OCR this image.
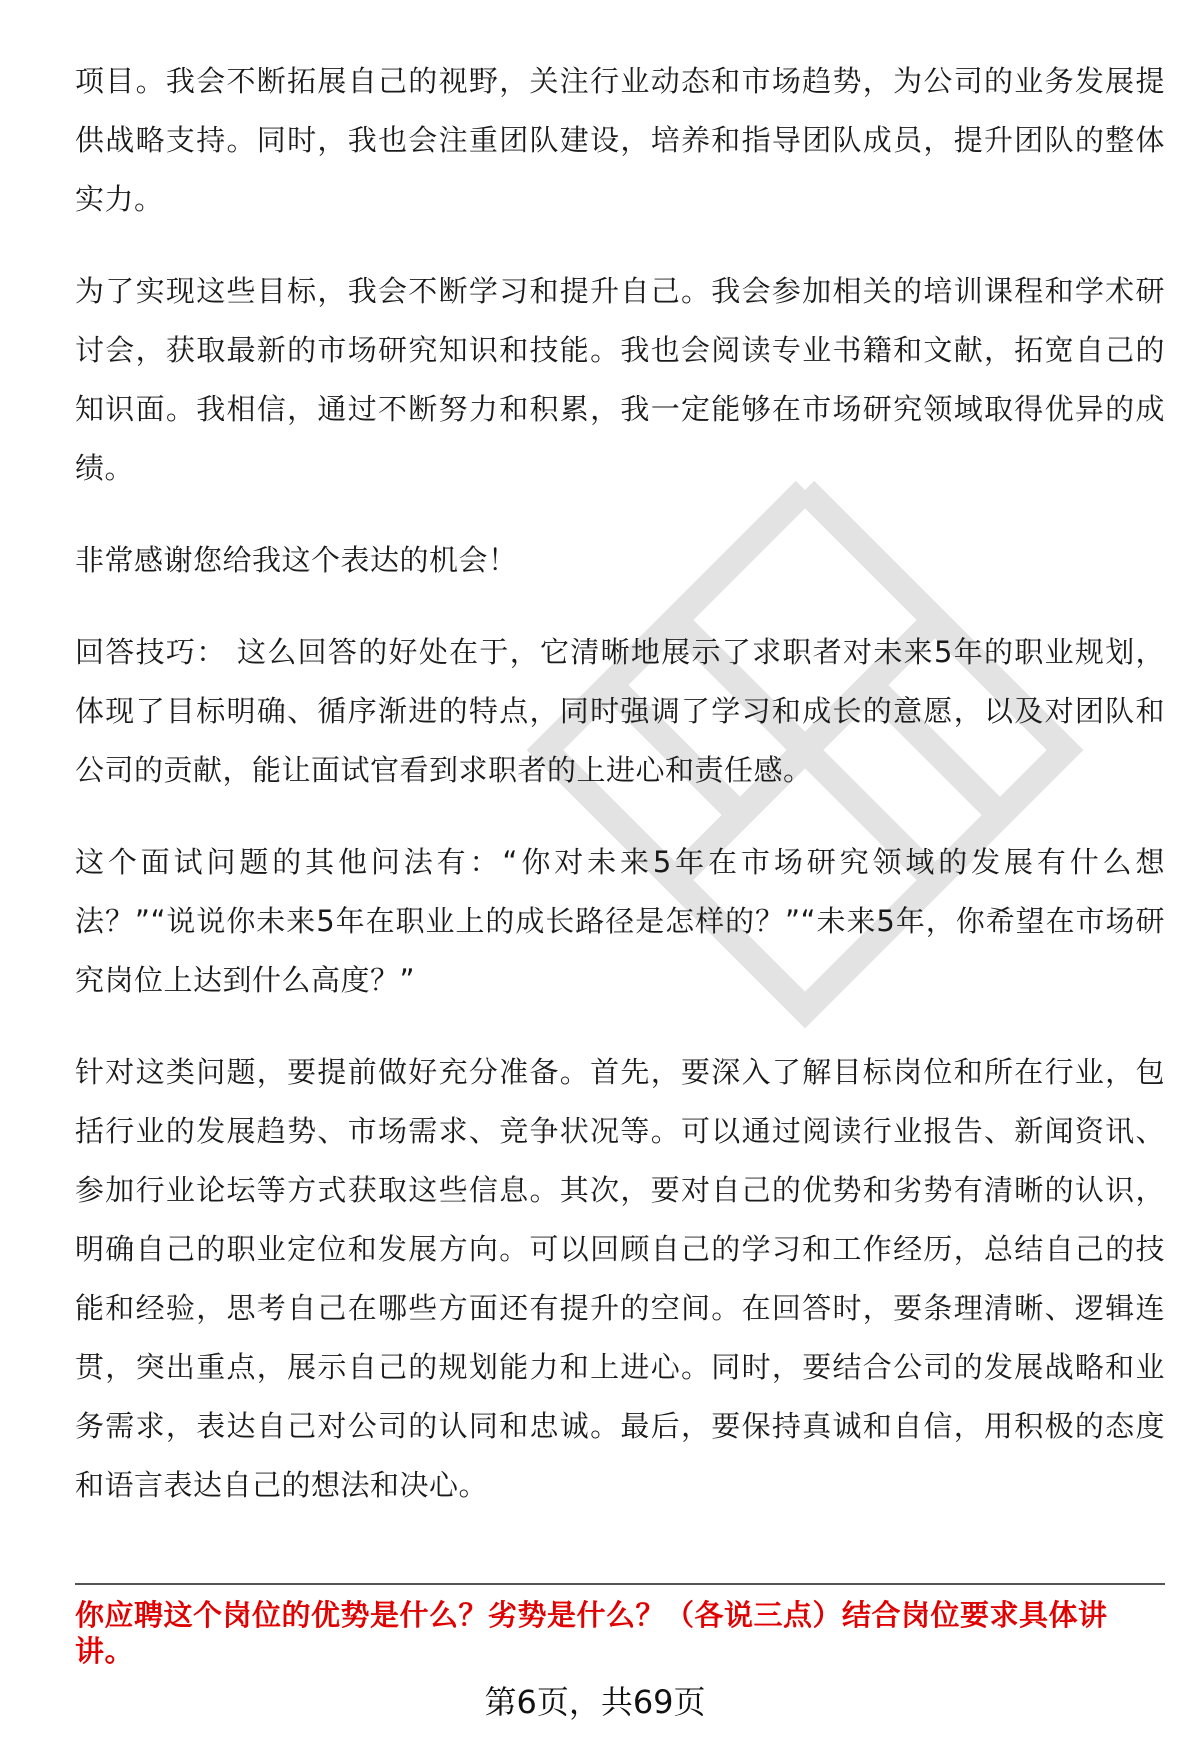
项目。我会不断拓展自己的视野，关注行业动态和市场趋势，为公司的业务发展提供战略支持。同时，我也会注重团队建设，培养和指导团队成员，提升团队的整体实力。

为了实现这些目标，我会不断学习和提升自己。我会参加相关的培训课程和学术研讨会，获取最新的市场研究知识和技能。我也会阅读专业书籍和文献，拓宽自己的知识面。我相信，通过不断努力和积累，我一定能够在市场研究领域取得优异的成绩。

非常感谢您给我这个表达的机会！

回答技巧： 这么回答的好处在于，它清晰地展示了求职者对未来5年的职业规划，体现了目标明确、循序渐进的特点，同时强调了学习和成长的意愿，以及对团队和公司的贡献，能让面试官看到求职者的上进心和责任感。

这个面试问题的其他问法有：“你对未来5年在市场研究领域的发展有什么想法？”“说说你未来5年在职业上的成长路径是怎样的？”“未来5年，你希望在市场研究岗位上达到什么高度？”

针对这类问题，要提前做好充分准备。首先，要深入了解目标岗位和所在行业，包括行业的发展趋势、市场需求、竞争状况等。可以通过阅读行业报告、新闻资讯、参加行业论坛等方式获取这些信息。其次，要对自己的优势和劣势有清晰的认识，明确自己的职业定位和发展方向。可以回顾自己的学习和工作经历，总结自己的技能和经验，思考自己在哪些方面还有提升的空间。在回答时，要条理清晰、逻辑连贯，突出重点，展示自己的规划能力和上进心。同时，要结合公司的发展战略和业务需求，表达自己对公司的认同和忠诚。最后，要保持真诚和自信，用积极的态度和语言表达自己的想法和决心。

你应聘这个岗位的优势是什么？劣势是什么？（各说三点）结合岗位要求具体讲讲。

第6页，共69页
